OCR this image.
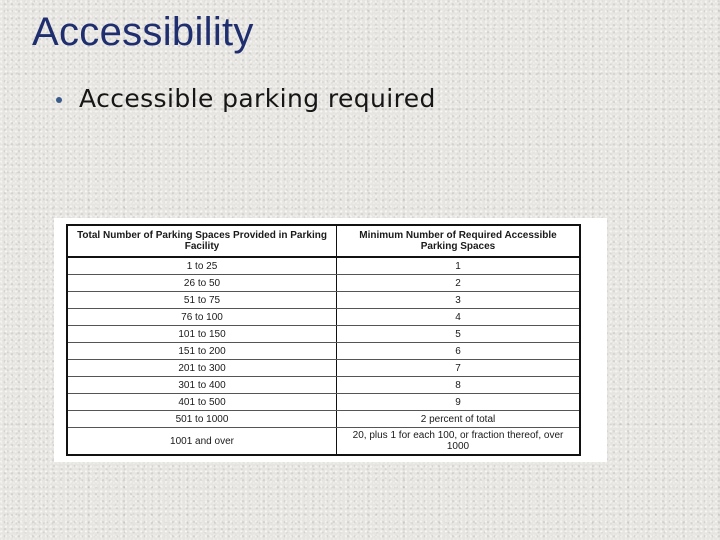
Accessibility
Accessible parking required
Total Number of Parking Spaces Provided in Parking Facility	Minimum Number of Required Accessible Parking Spaces
1 to 25	1
26 to 50	2
51 to 75	3
76 to 100	4
101 to 150	5
151 to 200	6
201 to 300	7
301 to 400	8
401 to 500	9
501 to 1000	2 percent of total
1001 and over	20, plus 1 for each 100, or fraction thereof, over 1000
